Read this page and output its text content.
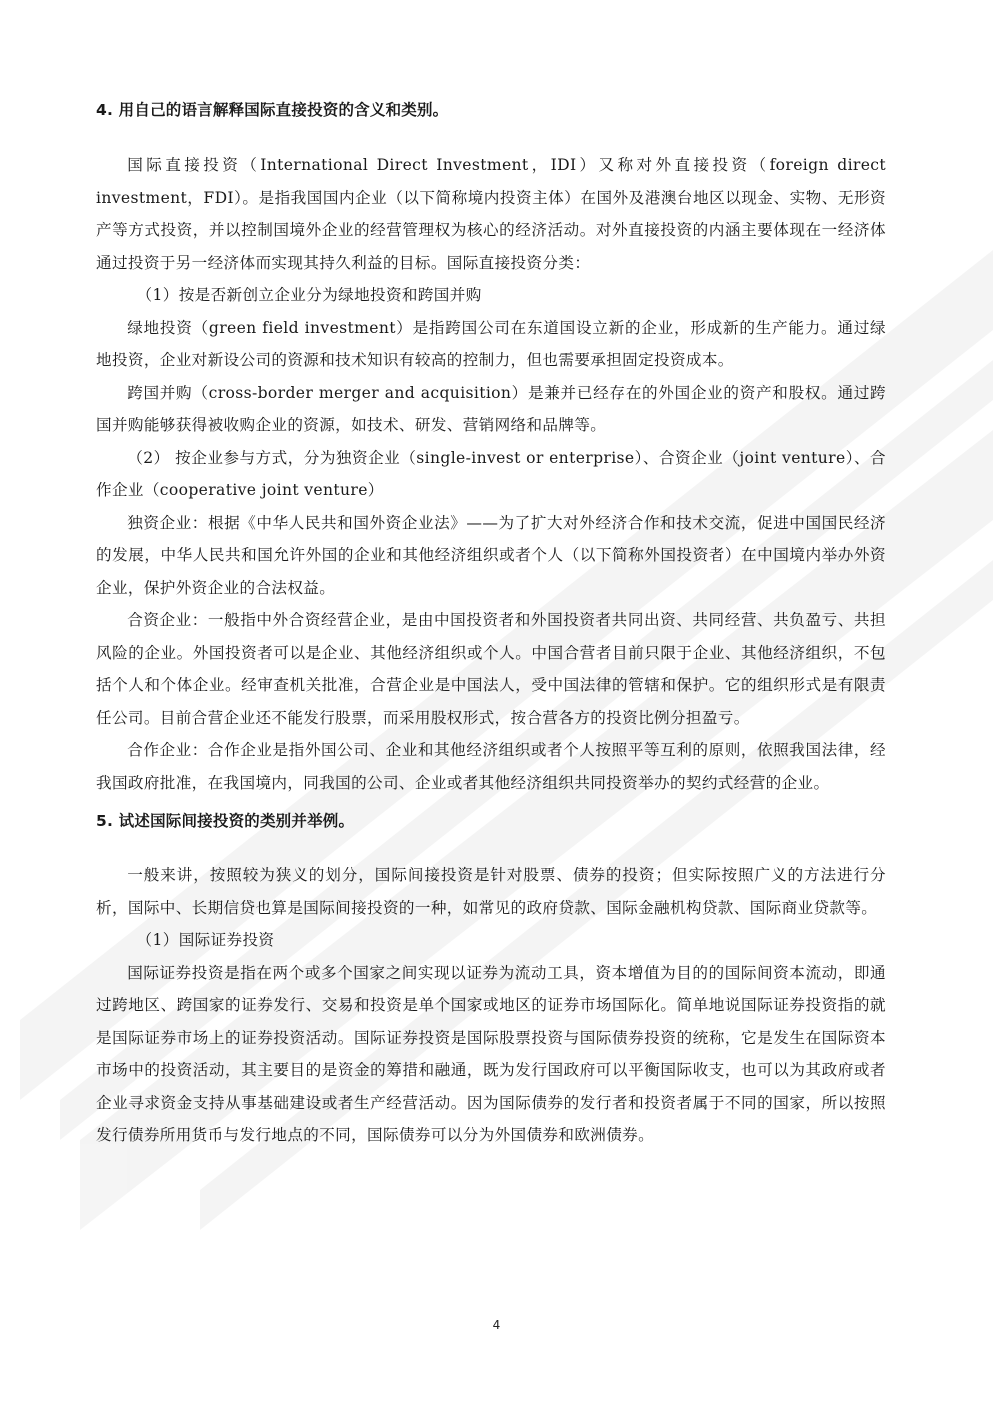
4. 用自己的语言解释国际直接投资的含义和类别。

国际直接投资（International Direct Investment，IDI）又称对外直接投资（foreign direct investment，FDI）。是指我国国内企业（以下简称境内投资主体）在国外及港澳台地区以现金、实物、无形资产等方式投资，并以控制国境外企业的经营管理权为核心的经济活动。对外直接投资的内涵主要体现在一经济体通过投资于另一经济体而实现其持久利益的目标。国际直接投资分类：

（1）按是否新创立企业分为绿地投资和跨国并购

绿地投资（green field investment）是指跨国公司在东道国设立新的企业，形成新的生产能力。通过绿地投资，企业对新设公司的资源和技术知识有较高的控制力，但也需要承担固定投资成本。

跨国并购（cross-border merger and acquisition）是兼并已经存在的外国企业的资产和股权。通过跨国并购能够获得被收购企业的资源，如技术、研发、营销网络和品牌等。

（2） 按企业参与方式，分为独资企业（single-invest or enterprise）、合资企业（joint venture）、合作企业（cooperative joint venture）

独资企业：根据《中华人民共和国外资企业法》——为了扩大对外经济合作和技术交流，促进中国国民经济的发展，中华人民共和国允许外国的企业和其他经济组织或者个人（以下简称外国投资者）在中国境内举办外资企业，保护外资企业的合法权益。

合资企业：一般指中外合资经营企业，是由中国投资者和外国投资者共同出资、共同经营、共负盈亏、共担风险的企业。外国投资者可以是企业、其他经济组织或个人。中国合营者目前只限于企业、其他经济组织，不包括个人和个体企业。经审查机关批准，合营企业是中国法人，受中国法律的管辖和保护。它的组织形式是有限责任公司。目前合营企业还不能发行股票，而采用股权形式，按合营各方的投资比例分担盈亏。

合作企业：合作企业是指外国公司、企业和其他经济组织或者个人按照平等互利的原则，依照我国法律，经我国政府批准，在我国境内，同我国的公司、企业或者其他经济组织共同投资举办的契约式经营的企业。

5. 试述国际间接投资的类别并举例。

一般来讲，按照较为狭义的划分，国际间接投资是针对股票、债券的投资；但实际按照广义的方法进行分析，国际中、长期信贷也算是国际间接投资的一种，如常见的政府贷款、国际金融机构贷款、国际商业贷款等。

（1）国际证券投资

国际证券投资是指在两个或多个国家之间实现以证券为流动工具，资本增值为目的的国际间资本流动，即通过跨地区、跨国家的证券发行、交易和投资是单个国家或地区的证券市场国际化。简单地说国际证券投资指的就是国际证券市场上的证券投资活动。国际证券投资是国际股票投资与国际债券投资的统称，它是发生在国际资本市场中的投资活动，其主要目的是资金的筹措和融通，既为发行国政府可以平衡国际收支，也可以为其政府或者企业寻求资金支持从事基础建设或者生产经营活动。因为国际债券的发行者和投资者属于不同的国家，所以按照发行债券所用货币与发行地点的不同，国际债券可以分为外国债券和欧洲债券。

4
